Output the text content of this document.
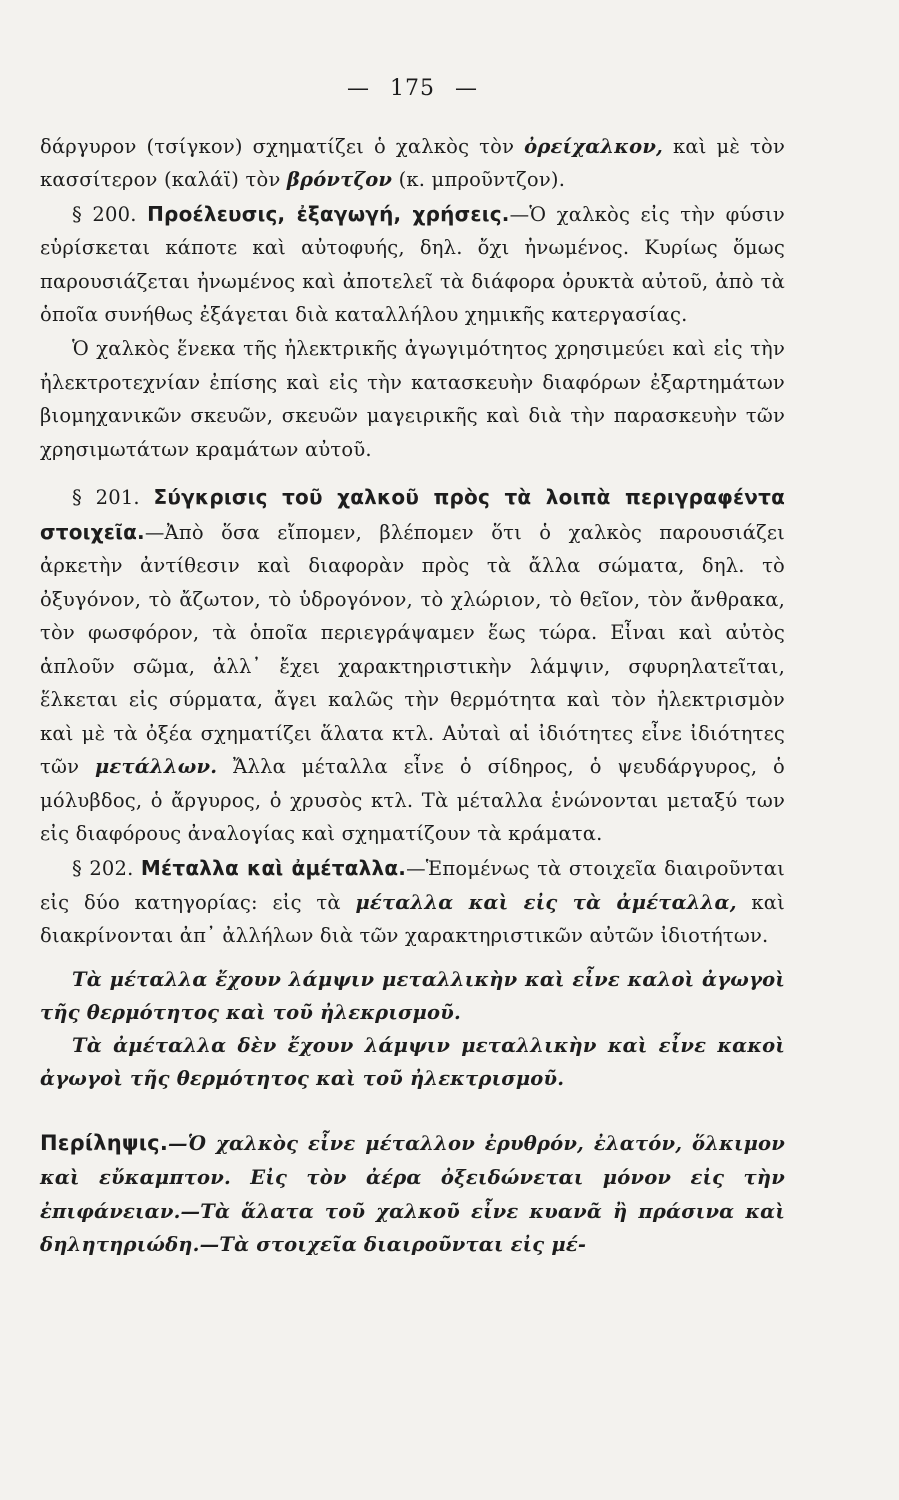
— 175 —

δάργυρον (τσίγκον) σχηματίζει ὁ χαλκὸς τὸν ὀρείχαλκον, καὶ μὲ τὸν κασσίτερον (καλάϊ) τὸν βρόντζον (κ. μπροῦντζον).

§ 200. Προέλευσις, ἐξαγωγή, χρήσεις.—Ὁ χαλκὸς εἰς τὴν φύσιν εὑρίσκεται κάποτε καὶ αὐτοφυής, δηλ. ὄχι ἠνωμένος. Κυρίως ὅμως παρουσιάζεται ἠνωμένος καὶ ἀποτελεῖ τὰ διάφορα ὀρυκτὰ αὐτοῦ, ἀπὸ τὰ ὁποῖα συνήθως ἐξάγεται διὰ καταλλήλου χημικῆς κατεργασίας.

Ὁ χαλκὸς ἕνεκα τῆς ἠλεκτρικῆς ἀγωγιμότητος χρησιμεύει καὶ εἰς τὴν ἠλεκτροτεχνίαν ἐπίσης καὶ εἰς τὴν κατασκευὴν διαφόρων ἐξαρτημάτων βιομηχανικῶν σκευῶν, σκευῶν μαγειρικῆς καὶ διὰ τὴν παρασκευὴν τῶν χρησιμωτάτων κραμάτων αὐτοῦ.

§ 201. Σύγκρισις τοῦ χαλκοῦ πρὸς τὰ λοιπὰ περιγραφέντα στοιχεῖα.—Ἀπὸ ὅσα εἴπομεν, βλέπομεν ὅτι ὁ χαλκὸς παρουσιάζει ἀρκετὴν ἀντίθεσιν καὶ διαφορὰν πρὸς τὰ ἄλλα σώματα, δηλ. τὸ ὀξυγόνον, τὸ ἄζωτον, τὸ ὑδρογόνον, τὸ χλώριον, τὸ θεῖον, τὸν ἄνθρακα, τὸν φωσφόρον, τὰ ὁποῖα περιεγράψαμεν ἕως τώρα. Εἶναι καὶ αὐτὸς ἁπλοῦν σῶμα, ἀλλ᾽ ἔχει χαρακτηριστικὴν λάμψιν, σφυρηλατεῖται, ἕλκεται εἰς σύρματα, ἄγει καλῶς τὴν θερμότητα καὶ τὸν ἠλεκτρισμὸν καὶ μὲ τὰ ὀξέα σχηματίζει ἅλατα κτλ. Αὐταὶ αἱ ἰδιότητες εἶνε ἰδιότητες τῶν μετάλλων. Ἄλλα μέταλλα εἶνε ὁ σίδηρος, ὁ ψευδάργυρος, ὁ μόλυβδος, ὁ ἄργυρος, ὁ χρυσὸς κτλ. Τὰ μέταλλα ἑνώνονται μεταξύ των εἰς διαφόρους ἀναλογίας καὶ σχηματίζουν τὰ κράματα.

§ 202. Μέταλλα καὶ ἀμέταλλα.—Ἑπομένως τὰ στοιχεῖα διαιροῦνται εἰς δύο κατηγορίας: εἰς τὰ μέταλλα καὶ εἰς τὰ ἀμέταλλα, καὶ διακρίνονται ἀπ᾽ ἀλλήλων διὰ τῶν χαρακτηριστικῶν αὐτῶν ἰδιοτήτων.

Τὰ μέταλλα ἔχουν λάμψιν μεταλλικὴν καὶ εἶνε καλοὶ ἀγωγοὶ τῆς θερμότητος καὶ τοῦ ἠλεκρισμοῦ.

Τὰ ἀμέταλλα δὲν ἔχουν λάμψιν μεταλλικὴν καὶ εἶνε κακοὶ ἀγωγοὶ τῆς θερμότητος καὶ τοῦ ἠλεκτρισμοῦ.

Περίληψις.—Ὁ χαλκὸς εἶνε μέταλλον ἐρυθρόν, ἐλατόν, ὅλκιμον καὶ εὔκαμπτον. Εἰς τὸν ἀέρα ὀξειδώνεται μόνον εἰς τὴν ἐπιφάνειαν.—Τὰ ἅλατα τοῦ χαλκοῦ εἶνε κυανᾶ ἢ πράσινα καὶ δηλητηριώδη.—Τὰ στοιχεῖα διαιροῦνται εἰς μέ-
